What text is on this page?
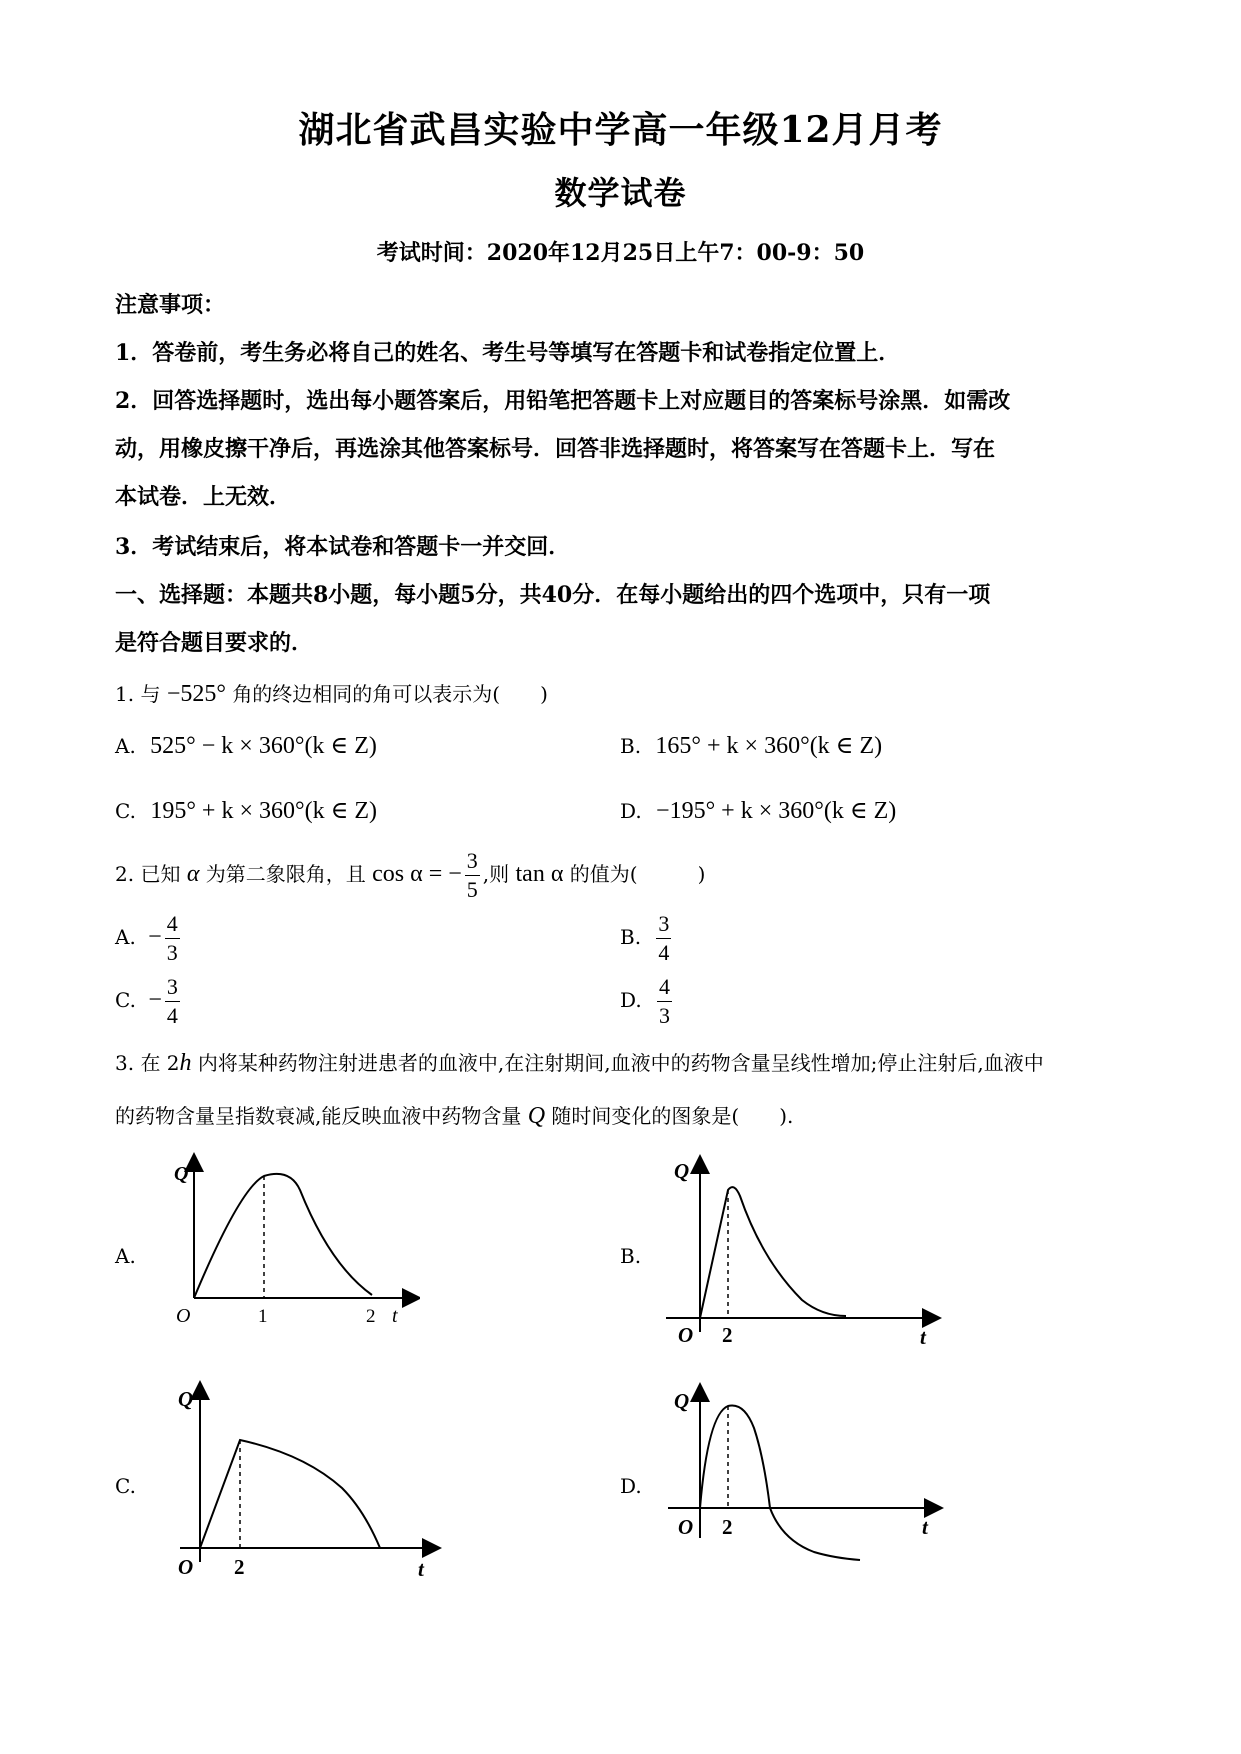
湖北省武昌实验中学高一年级12月月考
数学试卷
考试时间：2020年12月25日上午7：00-9：50
注意事项：
1．答卷前，考生务必将自己的姓名、考生号等填写在答题卡和试卷指定位置上．
2．回答选择题时，选出每小题答案后，用铅笔把答题卡上对应题目的答案标号涂黑．如需改
动，用橡皮擦干净后，再选涂其他答案标号．回答非选择题时，将答案写在答题卡上．写在
本试卷．上无效．
3．考试结束后，将本试卷和答题卡一并交回．
一、选择题：本题共8小题，每小题5分，共40分．在每小题给出的四个选项中，只有一项
是符合题目要求的．
1. 与 −525° 角的终边相同的角可以表示为(　　)
A. 525° − k × 360°(k ∈ Z)	B. 165° + k × 360°(k ∈ Z)
C. 195° + k × 360°(k ∈ Z)	D. −195° + k × 360°(k ∈ Z)
2. 已知 α 为第二象限角，且 cos α = − $\frac{3}{5}$ ,则 tan α 的值为(　　　)
A. − $\frac{4}{3}$	B. $\frac{3}{4}$
C. − $\frac{3}{4}$	D. $\frac{4}{3}$
3. 在 2h 内将某种药物注射进患者的血液中,在注射期间,血液中的药物含量呈线性增加;停止注射后,血液中
的药物含量呈指数衰减,能反映血液中药物含量 Q 随时间变化的图象是(　　).
A.	B.
C.	D.
Q
O	1	2 t
Q
O 2	t
Q
O 2	t
Q
O 2	t
